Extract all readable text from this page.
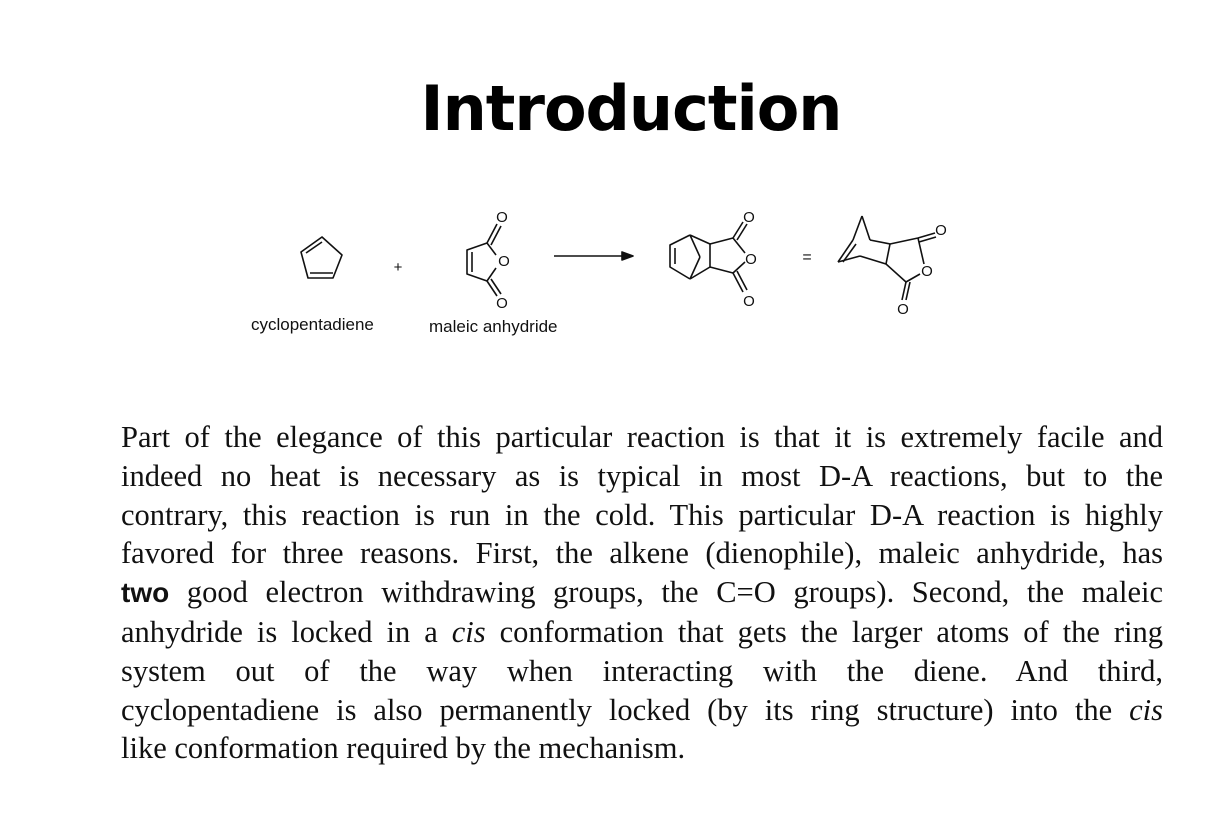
Introduction
O
O
O
O
O
O
O
O
O
+
=
cyclopentadiene	maleic anhydride
Part of the elegance of this particular reaction is that it is extremely facile and
indeed no heat is necessary as is typical in most D-A reactions, but to the
contrary, this reaction is run in the cold. This particular D-A reaction is highly
favored for three reasons. First, the alkene (dienophile), maleic anhydride, has
two good electron withdrawing groups, the C=O groups). Second, the maleic
anhydride is locked in a cis conformation that gets the larger atoms of the ring
system out of the way when interacting with the diene. And third,
cyclopentadiene is also permanently locked (by its ring structure) into the cis
like conformation required by the mechanism.
